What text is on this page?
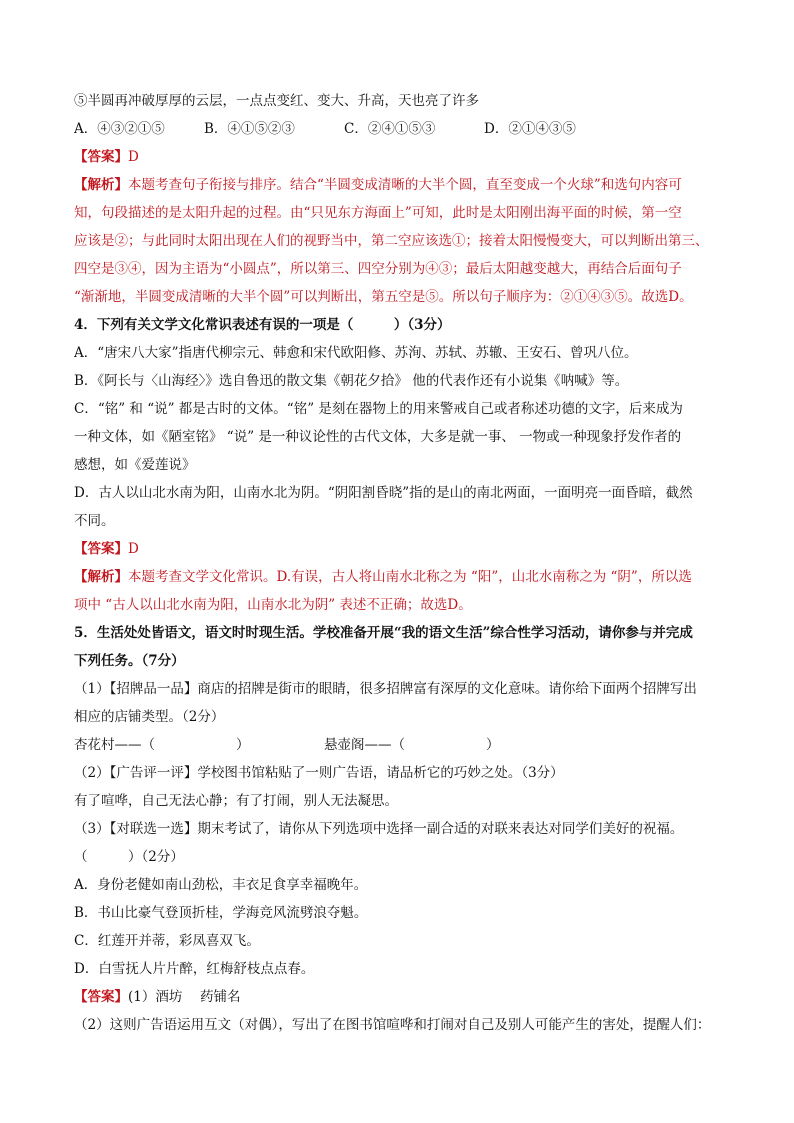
⑤半圆再冲破厚厚的云层，一点点变红、变大、升高，天也亮了许多
A．④③②①⑤	B．④①⑤②③	C．②④①⑤③	D．②①④③⑤
【答案】D
【解析】本题考查句子衔接与排序。结合“半圆变成清晰的大半个圆，直至变成一个火球”和选句内容可
知，句段描述的是太阳升起的过程。由“只见东方海面上”可知，此时是太阳刚出海平面的时候，第一空
应该是②；与此同时太阳出现在人们的视野当中，第二空应该选①；接着太阳慢慢变大，可以判断出第三、
四空是③④，因为主语为“小圆点”，所以第三、四空分别为④③；最后太阳越变越大，再结合后面句子
“渐渐地，半圆变成清晰的大半个圆”可以判断出，第五空是⑤。所以句子顺序为：②①④③⑤。故选D。
4．下列有关文学文化常识表述有误的一项是（　　　）（3分）
A．“唐宋八大家”指唐代柳宗元、韩愈和宋代欧阳修、苏洵、苏轼、苏辙、王安石、曾巩八位。
B．《阿长与〈山海经〉》选自鲁迅的散文集《朝花夕拾》 他的代表作还有小说集《呐喊》等。
C．“铭” 和 “说” 都是古时的文体。“铭” 是刻在器物上的用来警戒自己或者称述功德的文字，后来成为
一种文体，如《陋室铭》 “说” 是一种议论性的古代文体，大多是就一事、 一物或一种现象抒发作者的
感想，如《爱莲说》
D．古人以山北水南为阳，山南水北为阴。“阴阳割昏晓”指的是山的南北两面，一面明亮一面昏暗，截然
不同。
【答案】D
【解析】本题考查文学文化常识。D.有误，古人将山南水北称之为 “阳”，山北水南称之为 “阴”，所以选
项中 “古人以山北水南为阳，山南水北为阴” 表述不正确；故选D。
5．生活处处皆语文，语文时时现生活。学校准备开展“我的语文生活”综合性学习活动，请你参与并完成
下列任务。（7分）
（1）【招牌品一品】商店的招牌是街市的眼睛，很多招牌富有深厚的文化意味。请你给下面两个招牌写出
相应的店铺类型。（2分）
杏花村——（　　　　　　）	悬壶阁——（　　　　　　）
（2）【广告评一评】学校图书馆粘贴了一则广告语，请品析它的巧妙之处。（3分）
有了喧哗，自己无法心静；有了打闹，别人无法凝思。
（3）【对联选一选】期末考试了，请你从下列选项中选择一副合适的对联来表达对同学们美好的祝福。
（　　　）（2分）
A．身份老健如南山劲松，丰衣足食享幸福晚年。
B．书山比豪气登顶折桂，学海竞风流劈浪夺魁。
C．红莲开并蒂，彩凤喜双飞。
D．白雪抚人片片醉，红梅舒枝点点春。
【答案】(1）酒坊 药铺名
（2）这则广告语运用互文（对偶），写出了在图书馆喧哗和打闹对自己及别人可能产生的害处，提醒人们：
